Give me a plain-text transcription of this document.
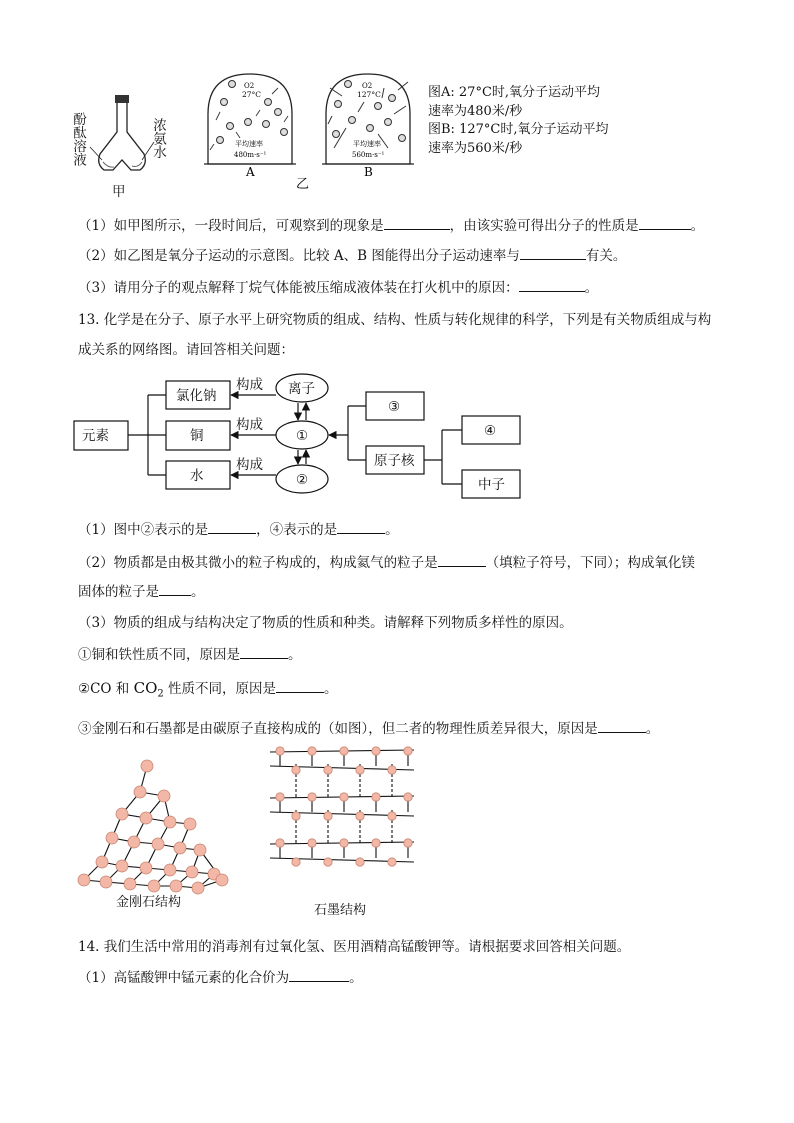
酚酞溶液	浓氨水
甲
O2
27°C
平均速率
480m·s⁻¹
A
O2
127°C
平均速率
560m·s⁻¹
B
乙
图A: 27°C时,氧分子运动平均
速率为480米/秒
图B: 127°C时,氧分子运动平均
速率为560米/秒
（1）如甲图所示，一段时间后，可观察到的现象是	，由该实验可得出分子的性质是	。
（2）如乙图是氧分子运动的示意图。比较 A、B 图能得出分子运动速率与	有关。
（3）请用分子的观点解释丁烷气体能被压缩成液体装在打火机中的原因：	。
13. 化学是在分子、原子水平上研究物质的组成、结构、性质与转化规律的科学，下列是有关物质组成与构
成关系的网络图。请回答相关问题：
元素
氯化钠
铜
水
构成
构成
构成
离子
①
②
③
原子核
④
中子
（1）图中②表示的是	，④表示的是	。
（2）物质都是由极其微小的粒子构成的，构成氦气的粒子是	（填粒子符号，下同）；构成氧化镁
固体的粒子是 。
（3）物质的组成与结构决定了物质的性质和种类。请解释下列物质多样性的原因。
①铜和铁性质不同，原因是	。
②CO 和 $CO_2$ 性质不同，原因是	。
③金刚石和石墨都是由碳原子直接构成的（如图），但二者的物理性质差异很大，原因是	。
金刚石结构
石墨结构
14. 我们生活中常用的消毒剂有过氧化氢、医用酒精高锰酸钾等。请根据要求回答相关问题。
（1）高锰酸钾中锰元素的化合价为	。
